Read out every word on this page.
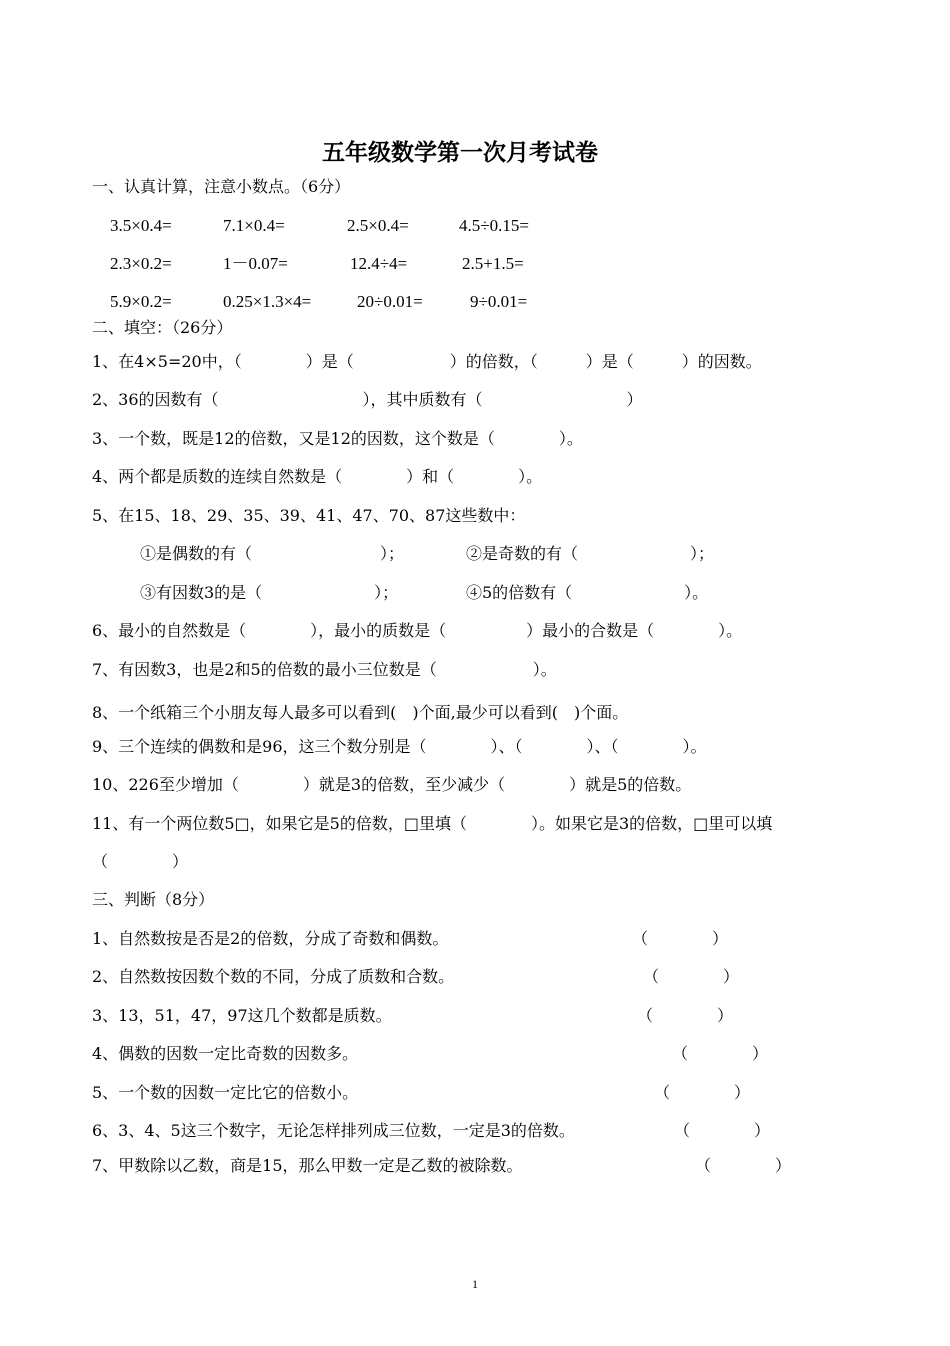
五年级数学第一次月考试卷
一、认真计算，注意小数点。（6分）
3.5×0.4=	7.1×0.4=	2.5×0.4=	4.5÷0.15=
2.3×0.2=	1－0.07=	12.4÷4=	2.5+1.5=
5.9×0.2=	0.25×1.3×4=	20÷0.01=	9÷0.01=
二、填空：（26分）
1、在4×5=20中，（　　　　）是（　　　　　　）的倍数，（　　　）是（　　　）的因数。
2、36的因数有（　　　　　　　　　），其中质数有（　　　　　　　　　）
3、一个数，既是12的倍数，又是12的因数，这个数是（　　　　）。
4、两个都是质数的连续自然数是（　　　　）和（　　　　）。
5、在15、18、29、35、39、41、47、70、87这些数中：
①是偶数的有（　　　　　　　　）；	②是奇数的有（　　　　　　　）；
③有因数3的是（　　　　　　　）；	④5的倍数有（　　　　　　　）。
6、最小的自然数是（　　　　），最小的质数是（　　　　　）最小的合数是（　　　　）。
7、有因数3，也是2和5的倍数的最小三位数是（　　　　　　）。
8、一个纸箱三个小朋友每人最多可以看到(　)个面,最少可以看到(　)个面。
9、三个连续的偶数和是96，这三个数分别是（　　　　）、（　　　　）、（　　　　）。
10、226至少增加（　　　　）就是3的倍数，至少减少（　　　　）就是5的倍数。
11、有一个两位数5□，如果它是5的倍数，□里填（　　　　）。如果它是3的倍数，□里可以填
（　　　　）
三、判断（8分）
1、自然数按是否是2的倍数，分成了奇数和偶数。	（　　　　）
2、自然数按因数个数的不同，分成了质数和合数。	（　　　　）
3、13，51，47，97这几个数都是质数。	（　　　　）
4、偶数的因数一定比奇数的因数多。	（　　　　）
5、一个数的因数一定比它的倍数小。	（　　　　）
6、3、4、5这三个数字，无论怎样排列成三位数，一定是3的倍数。	（　　　　）
7、甲数除以乙数，商是15，那么甲数一定是乙数的被除数。	（　　　　）
1
